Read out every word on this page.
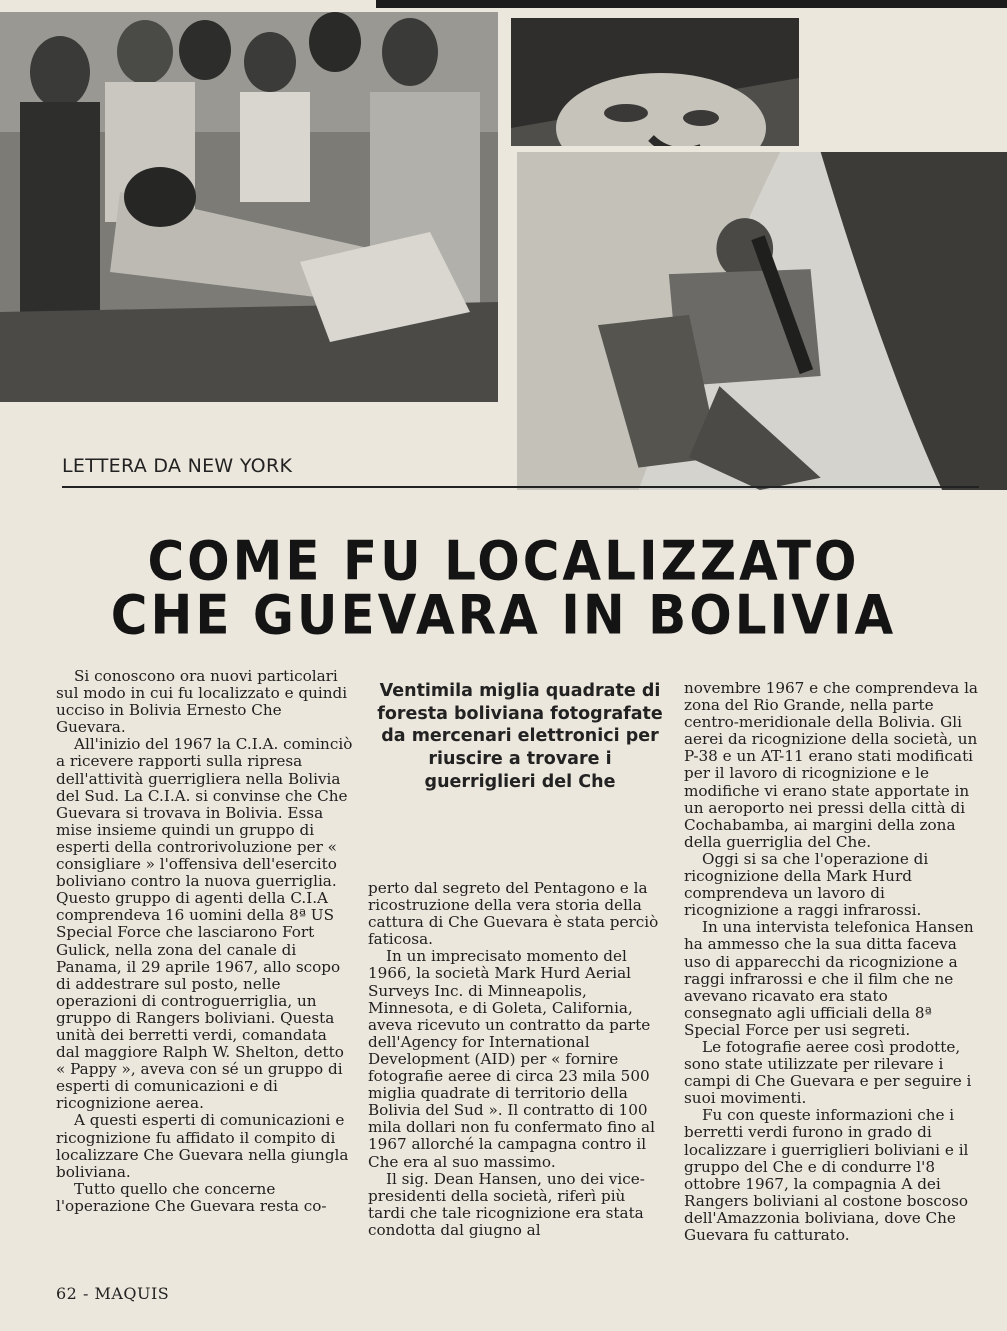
LETTERA DA NEW YORK
COME FU LOCALIZZATO
CHE GUEVARA IN BOLIVIA

Si conoscono ora nuovi particolari sul modo in cui fu localizzato e quindi ucciso in Bolivia Ernesto Che Guevara.

All'inizio del 1967 la C.I.A. cominciò a ricevere rapporti sulla ripresa dell'attività guerrigliera nella Bolivia del Sud. La C.I.A. si convinse che Che Guevara si trovava in Bolivia. Essa mise insieme quindi un gruppo di esperti della controrivoluzione per « consigliare » l'offensiva dell'esercito boliviano contro la nuova guerriglia. Questo gruppo di agenti della C.I.A comprendeva 16 uomini della 8ª US Special Force che lasciarono Fort Gulick, nella zona del canale di Panama, il 29 aprile 1967, allo scopo di addestrare sul posto, nelle operazioni di controguerriglia, un gruppo di Rangers boliviani. Questa unità dei berretti verdi, comandata dal maggiore Ralph W. Shelton, detto « Pappy », aveva con sé un gruppo di esperti di comunicazioni e di ricognizione aerea.

A questi esperti di comunicazioni e ricognizione fu affidato il compito di localizzare Che Guevara nella giungla boliviana.

Tutto quello che concerne l'operazione Che Guevara resta co-

Ventimila miglia quadrate di foresta boliviana fotografate da mercenari elettronici per riuscire a trovare i guerriglieri del Che

perto dal segreto del Pentagono e la ricostruzione della vera storia della cattura di Che Guevara è stata perciò faticosa.

In un imprecisato momento del 1966, la società Mark Hurd Aerial Surveys Inc. di Minneapolis, Minnesota, e di Goleta, California, aveva ricevuto un contratto da parte dell'Agency for International Development (AID) per « fornire fotografie aeree di circa 23 mila 500 miglia quadrate di territorio della Bolivia del Sud ». Il contratto di 100 mila dollari non fu confermato fino al 1967 allorché la campagna contro il Che era al suo massimo.

Il sig. Dean Hansen, uno dei vice-presidenti della società, riferì più tardi che tale ricognizione era stata condotta dal giugno al

novembre 1967 e che comprendeva la zona del Rio Grande, nella parte centro-meridionale della Bolivia. Gli aerei da ricognizione della società, un P-38 e un AT-11 erano stati modificati per il lavoro di ricognizione e le modifiche vi erano state apportate in un aeroporto nei pressi della città di Cochabamba, ai margini della zona della guerriglia del Che.

Oggi si sa che l'operazione di ricognizione della Mark Hurd comprendeva un lavoro di ricognizione a raggi infrarossi.

In una intervista telefonica Hansen ha ammesso che la sua ditta faceva uso di apparecchi da ricognizione a raggi infrarossi e che il film che ne avevano ricavato era stato consegnato agli ufficiali della 8ª Special Force per usi segreti.

Le fotografie aeree così prodotte, sono state utilizzate per rilevare i campi di Che Guevara e per seguire i suoi movimenti.

Fu con queste informazioni che i berretti verdi furono in grado di localizzare i guerriglieri boliviani e il gruppo del Che e di condurre l'8 ottobre 1967, la compagnia A dei Rangers boliviani al costone boscoso dell'Amazzonia boliviana, dove Che Guevara fu catturato.

62 - MAQUIS
